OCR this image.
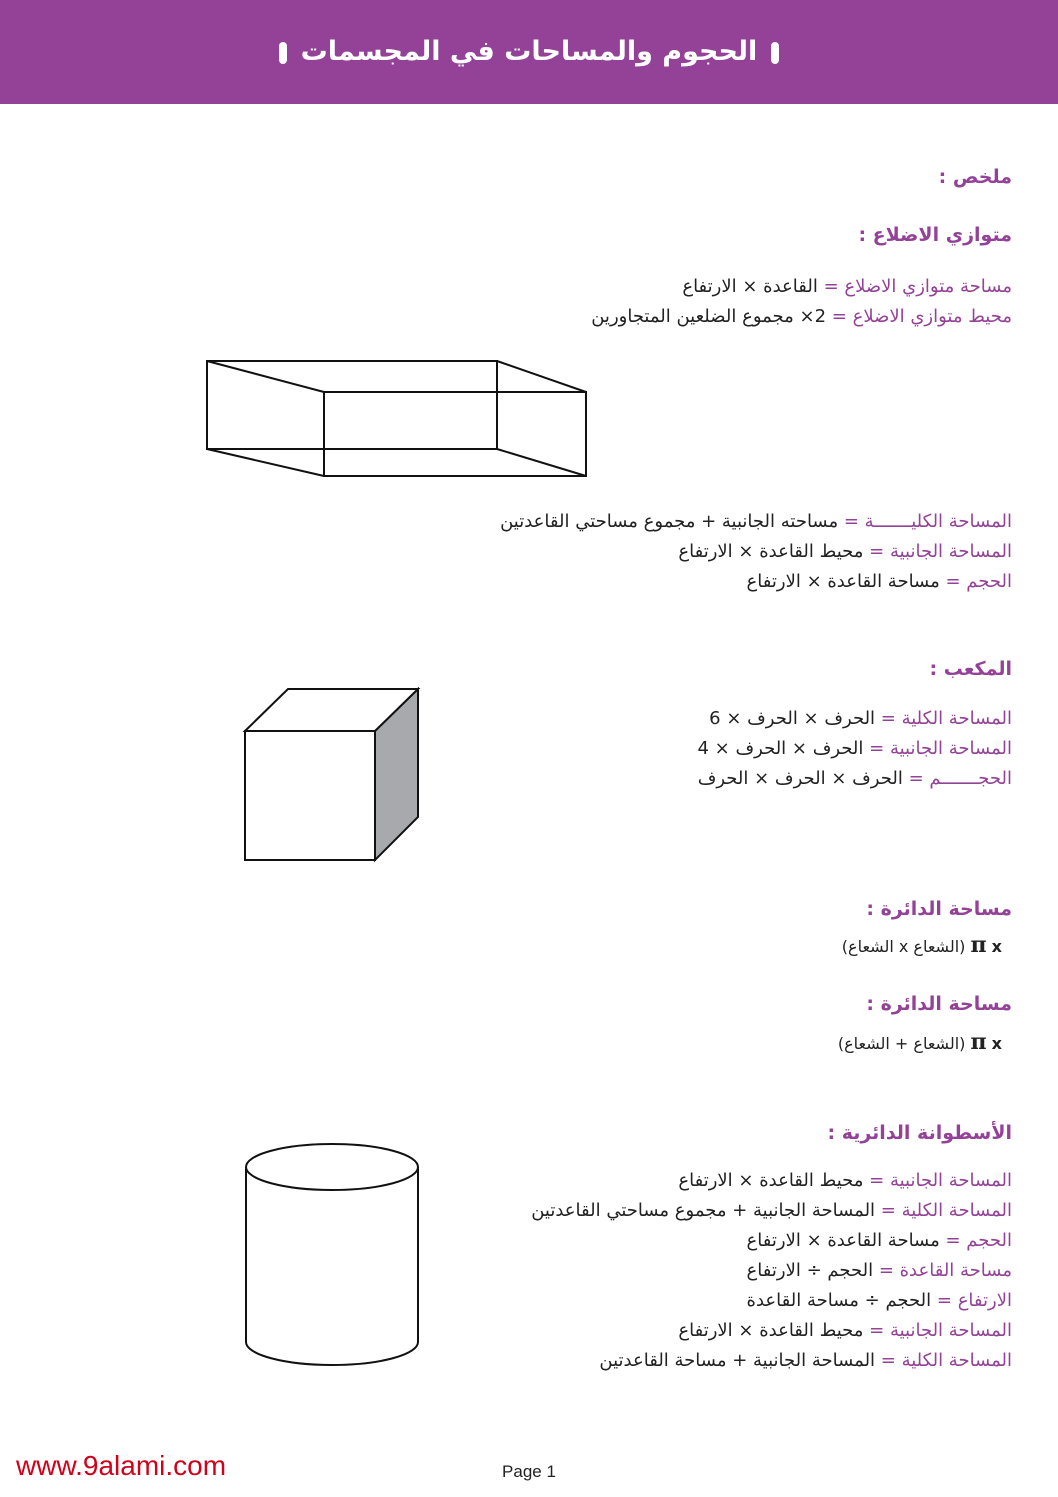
الحجوم والمساحات في المجسمات
ملخص :
متوازي الاضلاع :
مساحة متوازي الاضلاع = القاعدة × الارتفاع
محيط متوازي الاضلاع = 2× مجموع الضلعين المتجاورين
المساحة الكليـــــــة = مساحته الجانبية + مجموع مساحتي القاعدتين
المساحة الجانبية = محيط القاعدة × الارتفاع
الحجم = مساحة القاعدة × الارتفاع
المكعب :
المساحة الكلية = الحرف × الحرف × 6
المساحة الجانبية = الحرف × الحرف × 4
الحجـــــــم = الحرف × الحرف × الحرف
مساحة الدائرة :
π x (الشعاع x الشعاع)
مساحة الدائرة :
π x (الشعاع + الشعاع)
الأسطوانة الدائرية :
المساحة الجانبية = محيط القاعدة × الارتفاع
المساحة الكلية = المساحة الجانبية + مجموع مساحتي القاعدتين
الحجم = مساحة القاعدة × الارتفاع
مساحة القاعدة = الحجم ÷ الارتفاع
الارتفاع = الحجم ÷ مساحة القاعدة
المساحة الجانبية = محيط القاعدة × الارتفاع
المساحة الكلية = المساحة الجانبية + مساحة القاعدتين
www.9alami.com	Page 1
